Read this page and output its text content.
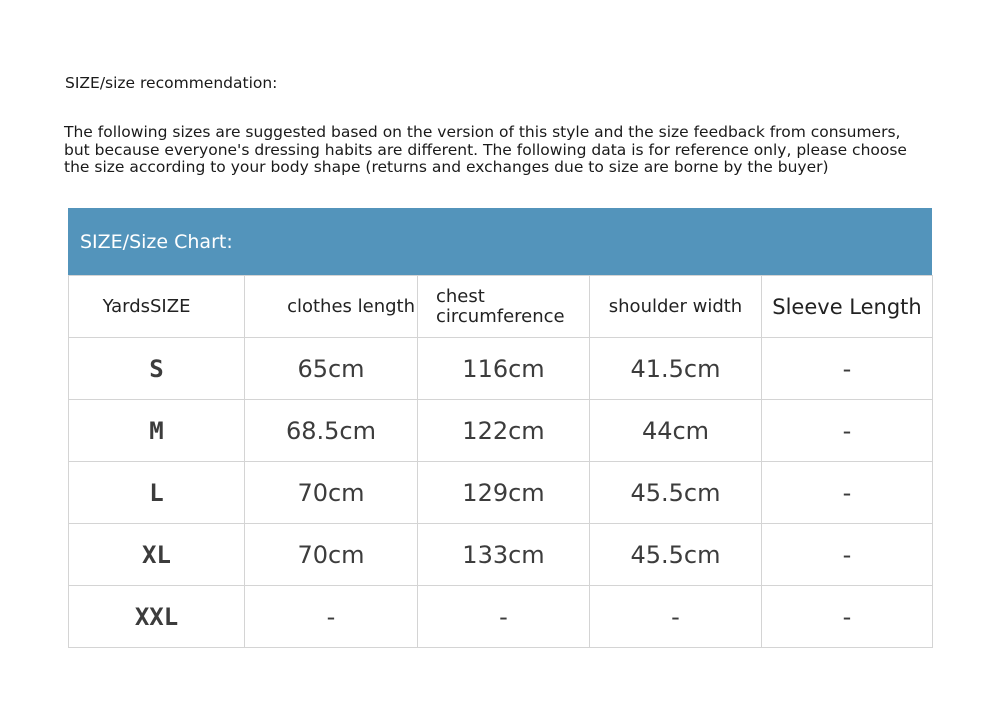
SIZE/size recommendation:
The following sizes are suggested based on the version of this style and the size feedback from consumers,
but because everyone's dressing habits are different. The following data is for reference only, please choose
the size according to your body shape (returns and exchanges due to size are borne by the buyer)
SIZE/Size Chart:
YardsSIZE	clothes length	chest
circumference	shoulder width	Sleeve Length
S	65cm	116cm	41.5cm	-
M	68.5cm	122cm	44cm	-
L	70cm	129cm	45.5cm	-
XL	70cm	133cm	45.5cm	-
XXL	-	-	-	-
